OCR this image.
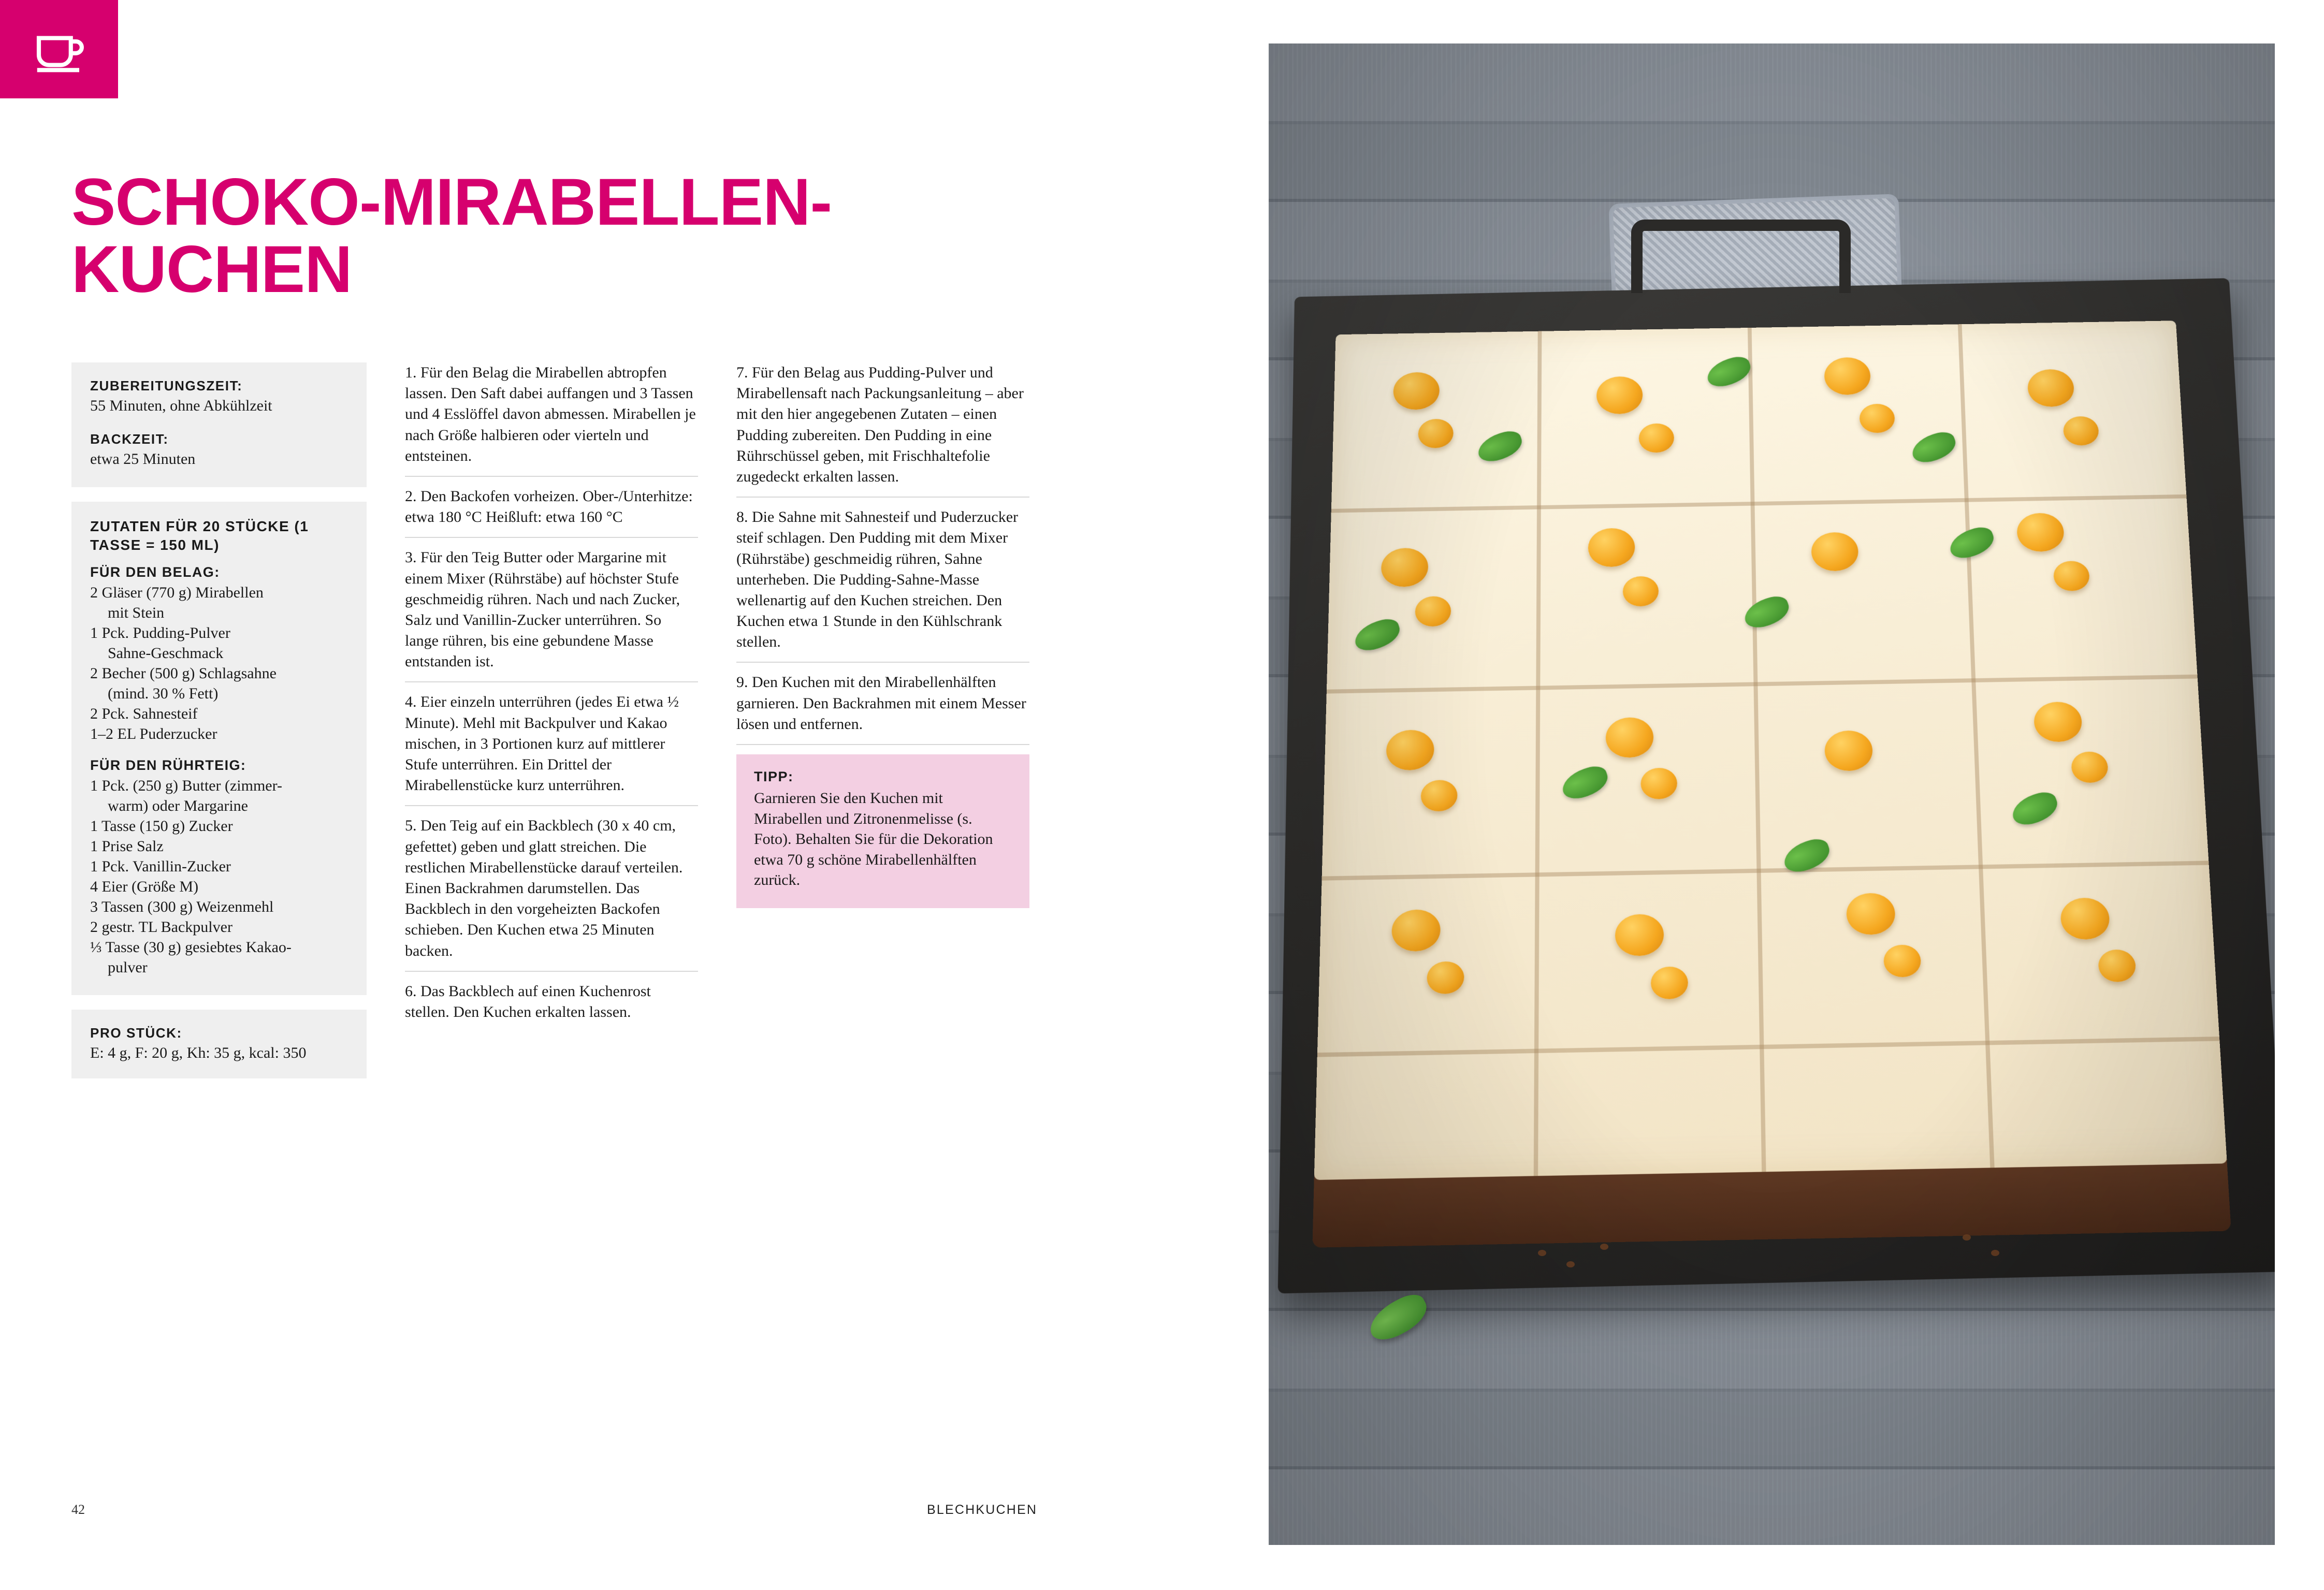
SCHOKO-MIRABELLEN-KUCHEN

ZUBEREITUNGSZEIT:

55 Minuten, ohne Abkühlzeit

BACKZEIT:

etwa 25 Minuten

ZUTATEN FÜR 20 STÜCKE (1 TASSE = 150 ML)

FÜR DEN BELAG:

2 Gläser (770 g) Mirabellen
mit Stein
1 Pck. Pudding-Pulver
Sahne-Geschmack
2 Becher (500 g) Schlagsahne
(mind. 30 % Fett)
2 Pck. Sahnesteif
1–2 EL Puderzucker

FÜR DEN RÜHRTEIG:

1 Pck. (250 g) Butter (zimmer-
warm) oder Margarine
1 Tasse (150 g) Zucker
1 Prise Salz
1 Pck. Vanillin-Zucker
4 Eier (Größe M)
3 Tassen (300 g) Weizenmehl
2 gestr. TL Backpulver
⅓ Tasse (30 g) gesiebtes Kakao-
pulver

PRO STÜCK:

E: 4 g, F: 20 g, Kh: 35 g, kcal: 350

1. Für den Belag die Mirabellen abtropfen lassen. Den Saft dabei auffangen und 3 Tassen und 4 Esslöffel davon abmessen. Mirabellen je nach Größe halbieren oder vierteln und entsteinen.

2. Den Backofen vorheizen. Ober-/Unterhitze: etwa 180 °C Heißluft: etwa 160 °C

3. Für den Teig Butter oder Margarine mit einem Mixer (Rührstäbe) auf höchster Stufe geschmeidig rühren. Nach und nach Zucker, Salz und Vanillin-Zucker unterrühren. So lange rühren, bis eine gebundene Masse entstanden ist.

4. Eier einzeln unterrühren (jedes Ei etwa ½ Minute). Mehl mit Backpulver und Kakao mischen, in 3 Portionen kurz auf mittlerer Stufe unterrühren. Ein Drittel der Mirabellenstücke kurz unterrühren.

5. Den Teig auf ein Backblech (30 x 40 cm, gefettet) geben und glatt streichen. Die restlichen Mirabellenstücke darauf verteilen. Einen Backrahmen darumstellen. Das Backblech in den vorgeheizten Backofen schieben. Den Kuchen etwa 25 Minuten backen.

6. Das Backblech auf einen Kuchenrost stellen. Den Kuchen erkalten lassen.

7. Für den Belag aus Pudding-Pulver und Mirabellensaft nach Packungsanleitung – aber mit den hier angegebenen Zutaten – einen Pudding zubereiten. Den Pudding in eine Rührschüssel geben, mit Frischhaltefolie zugedeckt erkalten lassen.

8. Die Sahne mit Sahnesteif und Puderzucker steif schlagen. Den Pudding mit dem Mixer (Rührstäbe) geschmeidig rühren, Sahne unterheben. Die Pudding-Sahne-Masse wellenartig auf den Kuchen streichen. Den Kuchen etwa 1 Stunde in den Kühlschrank stellen.

9. Den Kuchen mit den Mirabellenhälften garnieren. Den Backrahmen mit einem Messer lösen und entfernen.

TIPP:

Garnieren Sie den Kuchen mit Mirabellen und Zitronenmelisse (s. Foto). Behalten Sie für die Dekoration etwa 70 g schöne Mirabellenhälften zurück.

42	BLECHKUCHEN
